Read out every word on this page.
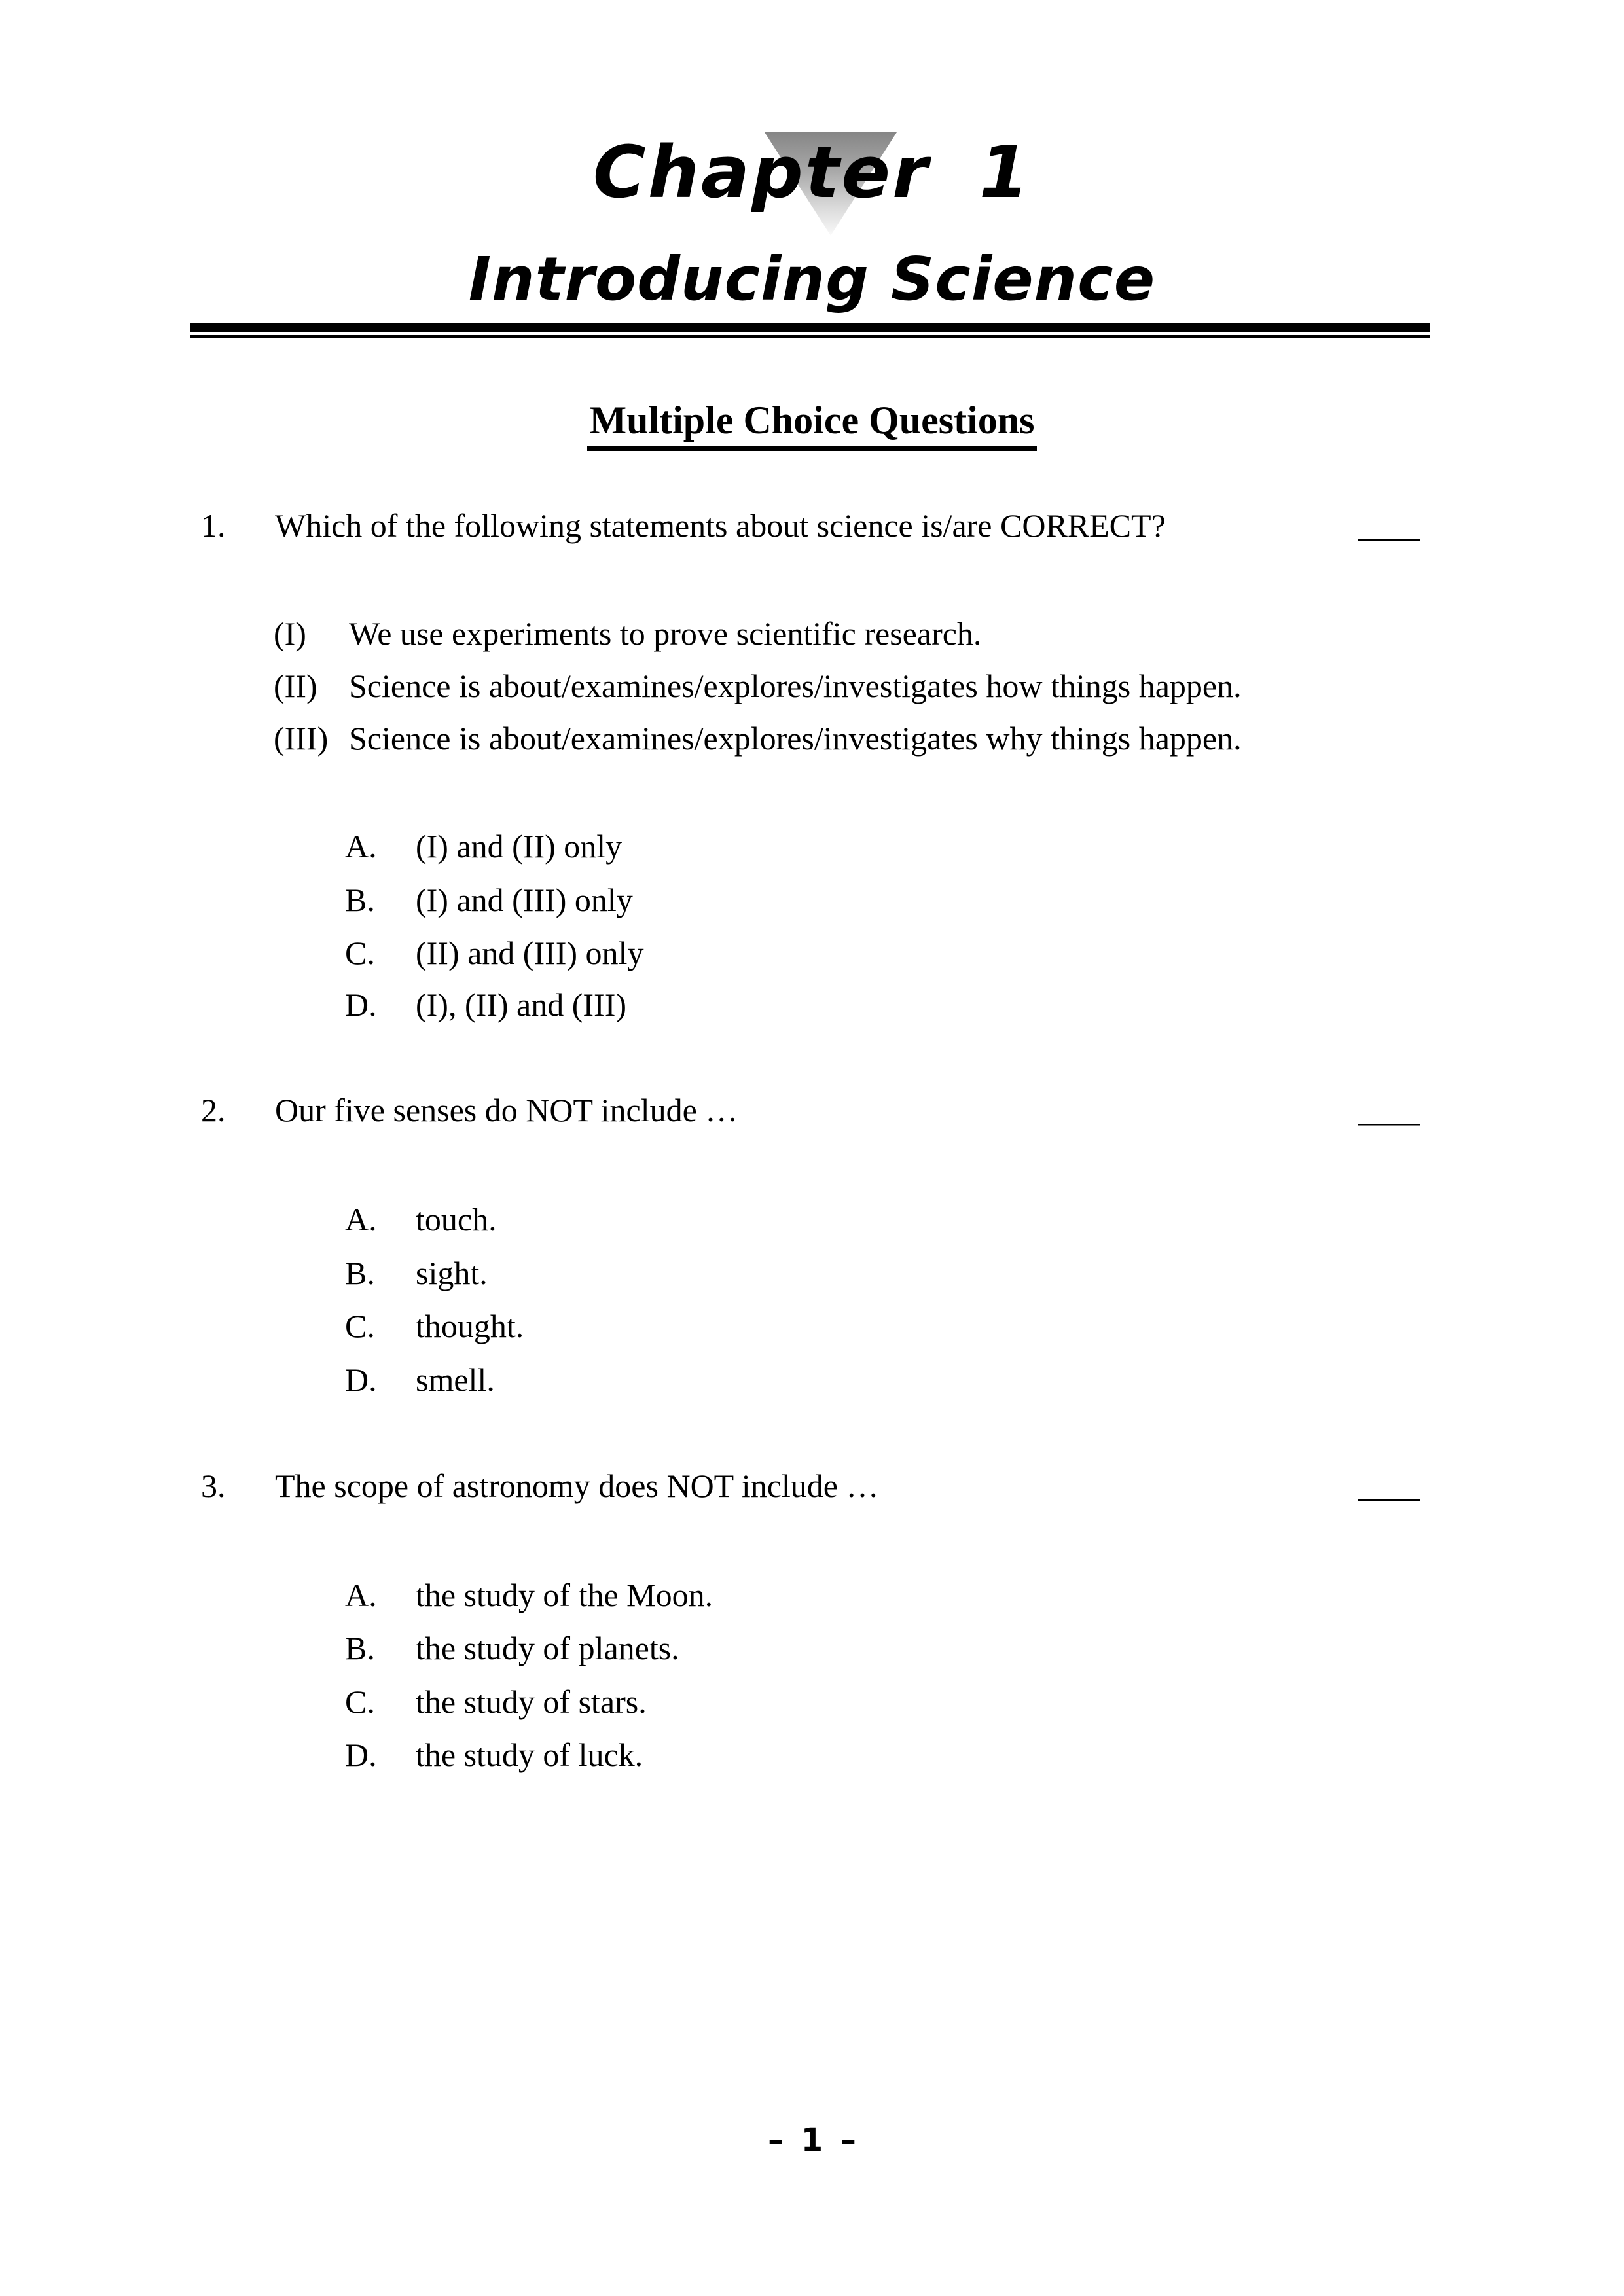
Chapter 1
Introducing Science
Multiple Choice Questions
1. Which of the following statements about science is/are CORRECT?	____
(I) We use experiments to prove scientific research.
(II) Science is about/examines/explores/investigates how things happen.
(III) Science is about/examines/explores/investigates why things happen.
A. (I) and (II) only
B. (I) and (III) only
C. (II) and (III) only
D. (I), (II) and (III)
2. Our five senses do NOT include …	____
A. touch.
B. sight.
C. thought.
D. smell.
3. The scope of astronomy does NOT include …	____
A. the study of the Moon.
B. the study of planets.
C. the study of stars.
D. the study of luck.
– 1 –
